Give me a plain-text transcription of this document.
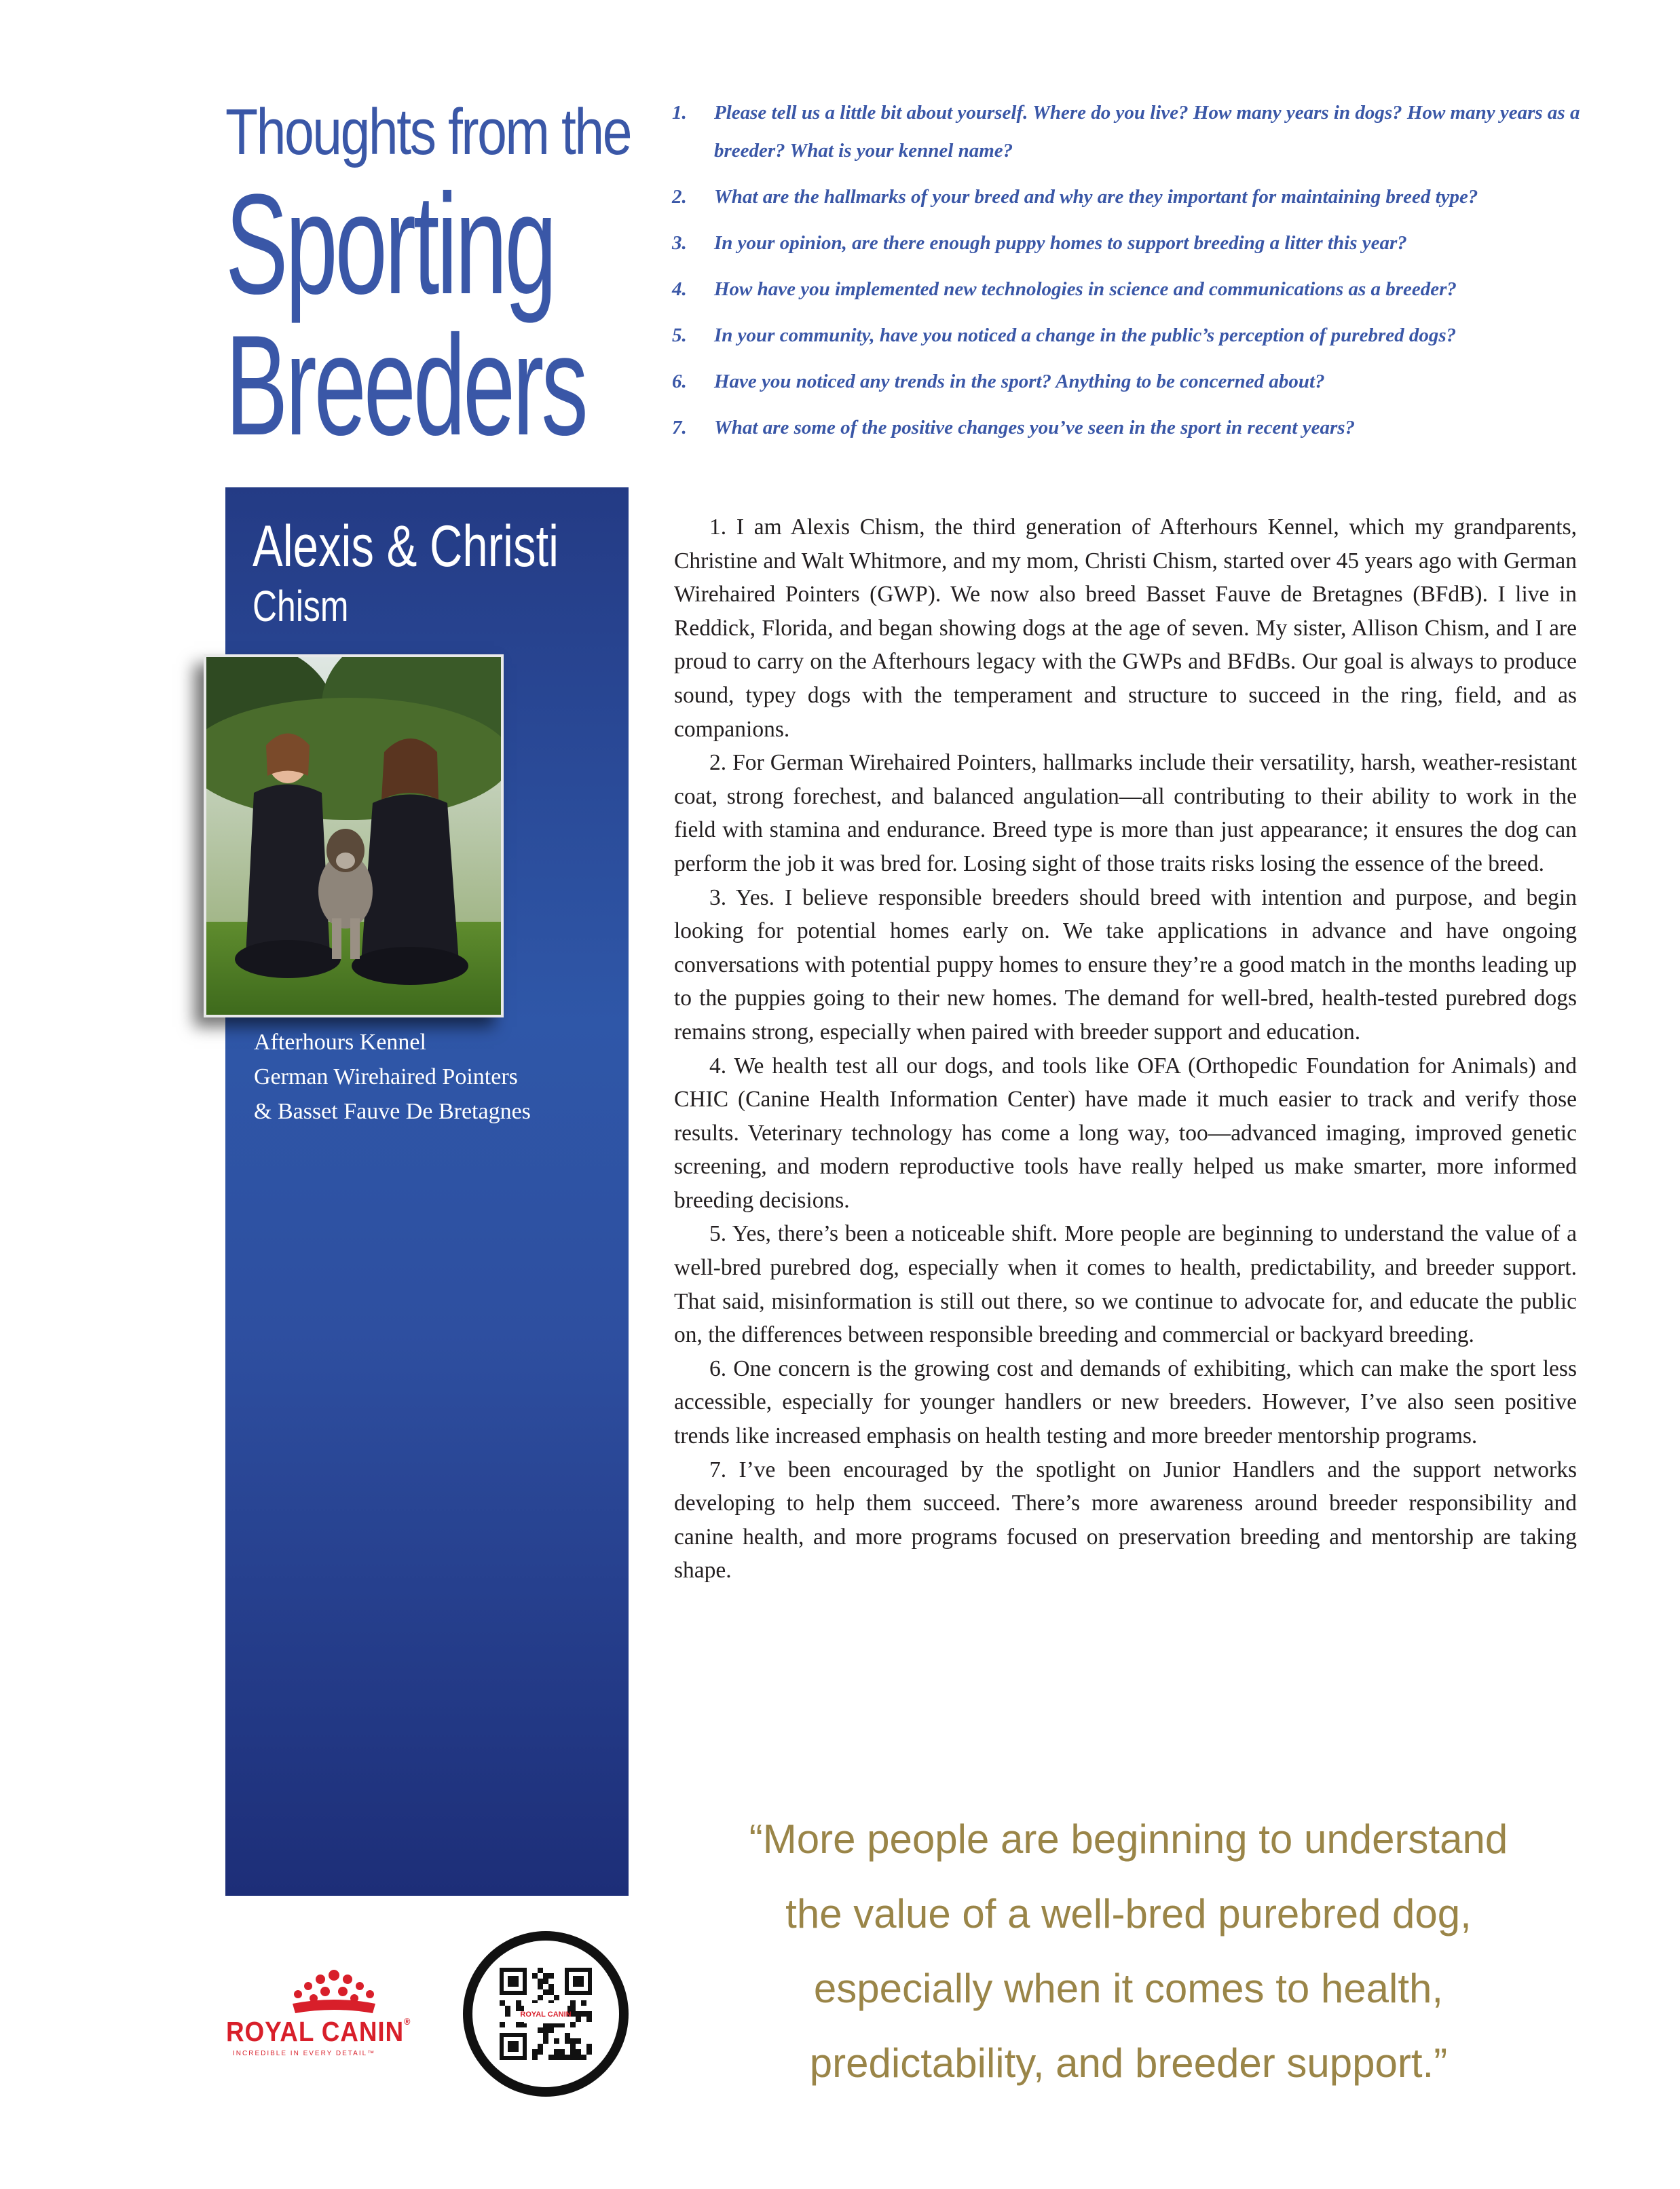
Thoughts from the
Sporting
Breeders
1. Please tell us a little bit about yourself. Where do you live? How many years in dogs? How many years as a breeder? What is your kennel name?
2. What are the hallmarks of your breed and why are they important for maintaining breed type?
3. In your opinion, are there enough puppy homes to support breeding a litter this year?
4. How have you implemented new technologies in science and communications as a breeder?
5. In your community, have you noticed a change in the public’s perception of purebred dogs?
6. Have you noticed any trends in the sport? Anything to be concerned about?
7. What are some of the positive changes you’ve seen in the sport in recent years?
Alexis & Christi
Chism
Afterhours Kennel
German Wirehaired Pointers
& Basset Fauve De Bretagnes

1. I am Alexis Chism, the third generation of Afterhours Kennel, which my grandparents, Christine and Walt Whitmore, and my mom, Christi Chism, started over 45 years ago with German Wirehaired Pointers (GWP). We now also breed Basset Fauve de Bretagnes (BFdB). I live in Reddick, Florida, and began showing dogs at the age of seven. My sister, Allison Chism, and I are proud to carry on the Afterhours legacy with the GWPs and BFdBs. Our goal is always to produce sound, typey dogs with the temperament and structure to succeed in the ring, field, and as companions.

2. For German Wirehaired Pointers, hallmarks include their versatility, harsh, weather-resistant coat, strong forechest, and balanced angulation—all contributing to their ability to work in the field with stamina and endurance. Breed type is more than just appearance; it ensures the dog can perform the job it was bred for. Losing sight of those traits risks losing the essence of the breed.

3. Yes. I believe responsible breeders should breed with intention and purpose, and begin looking for potential homes early on. We take applications in advance and have ongoing conversations with potential puppy homes to ensure they’re a good match in the months leading up to the puppies going to their new homes. The demand for well-bred, health-tested purebred dogs remains strong, especially when paired with breeder support and education.

4. We health test all our dogs, and tools like OFA (Orthopedic Foundation for Animals) and CHIC (Canine Health Information Center) have made it much easier to track and verify those results. Veterinary technology has come a long way, too—advanced imaging, improved genetic screening, and modern reproductive tools have really helped us make smarter, more informed breeding decisions.

5. Yes, there’s been a noticeable shift. More people are beginning to understand the value of a well-bred purebred dog, especially when it comes to health, predictability, and breeder support. That said, misinformation is still out there, so we continue to advocate for, and educate the public on, the differences between responsible breeding and commercial or backyard breeding.

6. One concern is the growing cost and demands of exhibiting, which can make the sport less accessible, especially for younger handlers or new breeders. However, I’ve also seen positive trends like increased emphasis on health testing and more breeder mentorship programs.

7. I’ve been encouraged by the spotlight on Junior Handlers and the support networks developing to help them succeed. There’s more awareness around breeder responsibility and canine health, and more programs focused on preservation breeding and mentorship are taking shape.

“More people are beginning to understand
the value of a well-bred purebred dog,
especially when it comes to health,
predictability, and breeder support.”
ROYAL CANIN®
INCREDIBLE IN EVERY DETAIL™
ROYAL CANIN
